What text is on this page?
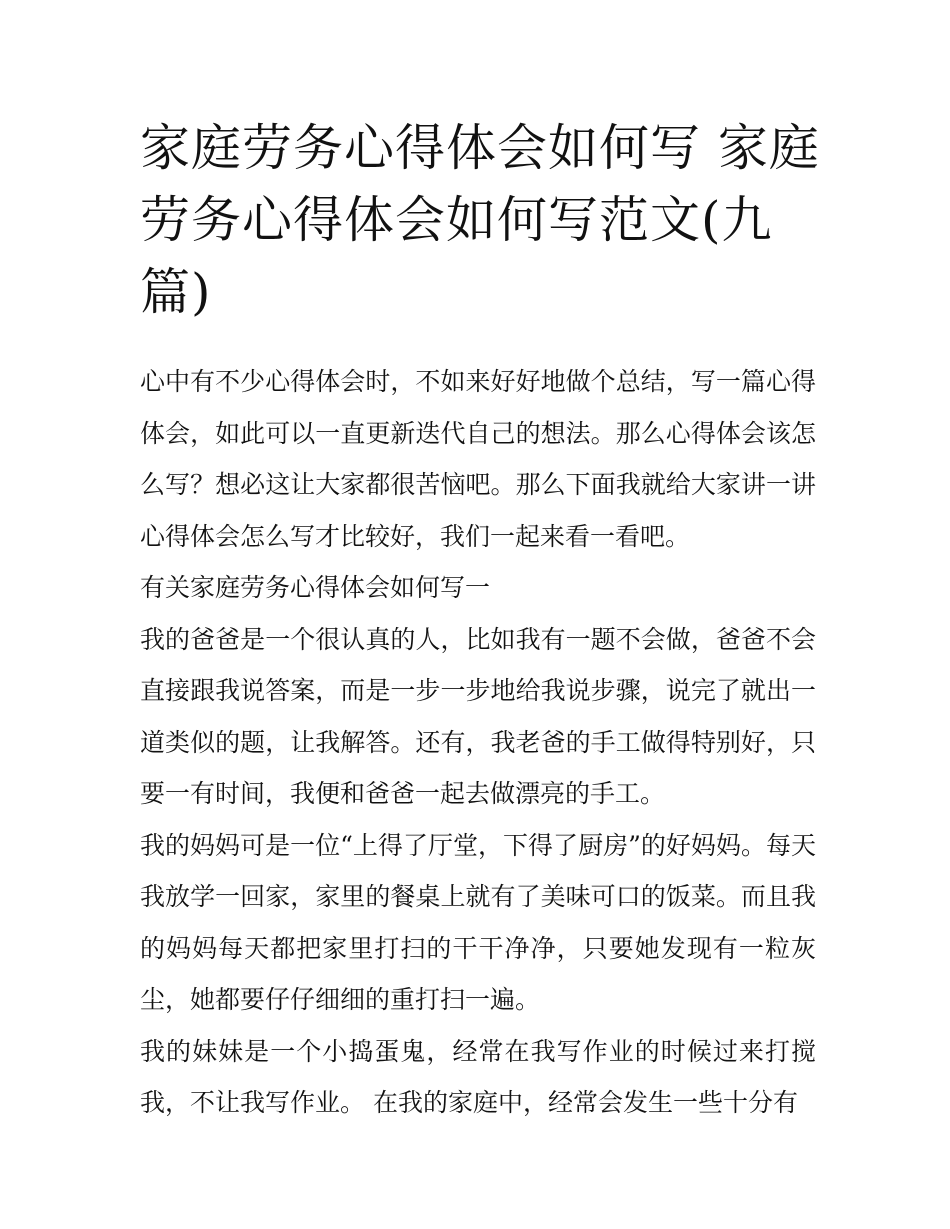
家庭劳务心得体会如何写 家庭劳务心得体会如何写范文(九篇)

心中有不少心得体会时，不如来好好地做个总结，写一篇心得体会，如此可以一直更新迭代自己的想法。那么心得体会该怎么写？想必这让大家都很苦恼吧。那么下面我就给大家讲一讲心得体会怎么写才比较好，我们一起来看一看吧。

有关家庭劳务心得体会如何写一

我的爸爸是一个很认真的人，比如我有一题不会做，爸爸不会直接跟我说答案，而是一步一步地给我说步骤，说完了就出一道类似的题，让我解答。还有，我老爸的手工做得特别好，只要一有时间，我便和爸爸一起去做漂亮的手工。

我的妈妈可是一位“上得了厅堂，下得了厨房”的好妈妈。每天我放学一回家，家里的餐桌上就有了美味可口的饭菜。而且我的妈妈每天都把家里打扫的干干净净，只要她发现有一粒灰尘，她都要仔仔细细的重打扫一遍。

我的妹妹是一个小捣蛋鬼，经常在我写作业的时候过来打搅我，不让我写作业。 在我的家庭中，经常会发生一些十分有
